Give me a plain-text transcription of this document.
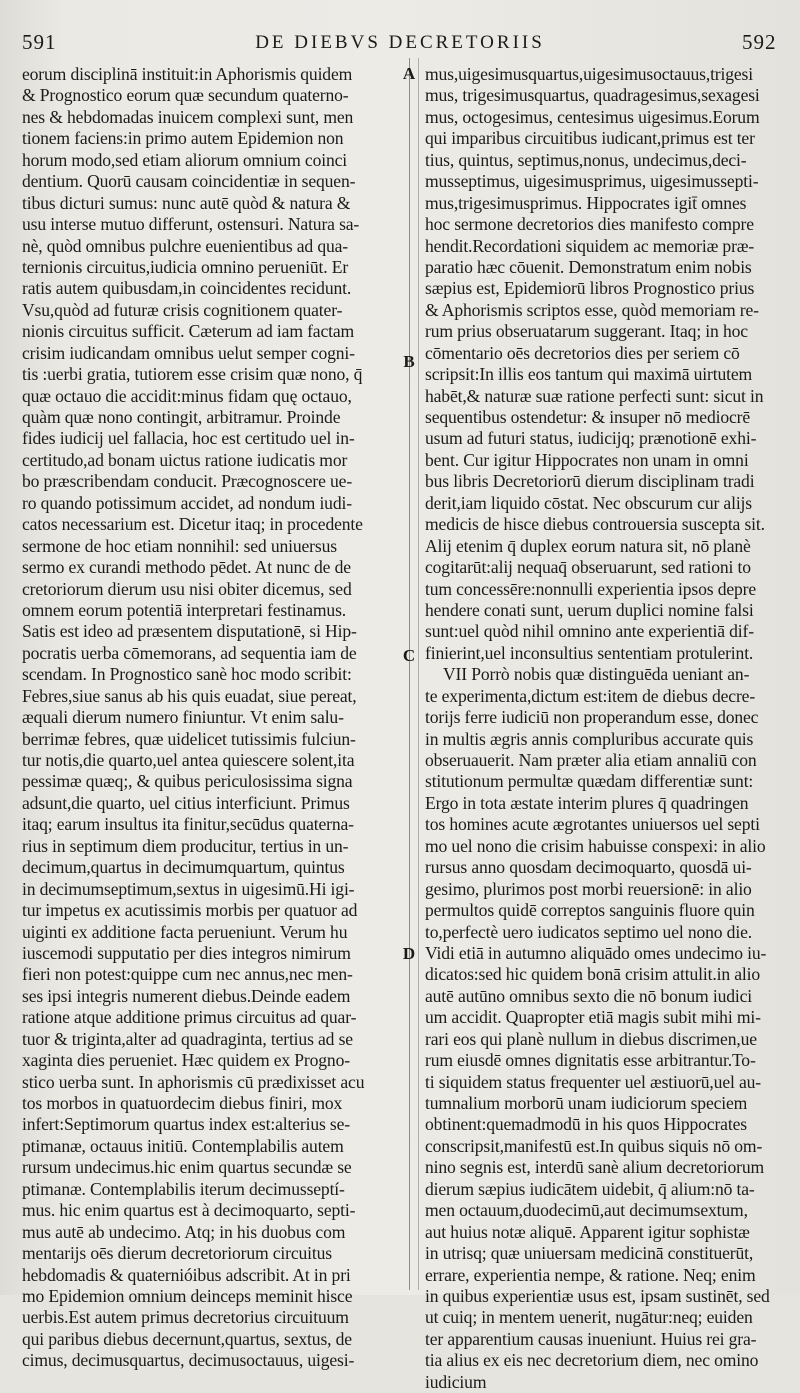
591	DE DIEBVS DECRETORIIS	592
A
B
C
D
eorum disciplinā instituit:in Aphorismis quidem
& Prognostico eorum quæ secundum quaterno-
nes & hebdomadas inuicem complexi sunt, men
tionem faciens:in primo autem Epidemion non
horum modo,sed etiam aliorum omnium coinci
dentium. Quorū causam coincidentiæ in sequen-
tibus dicturi sumus: nunc autē quòd & natura &
usu interse mutuo differunt, ostensuri. Natura sa-
nè, quòd omnibus pulchre euenientibus ad qua-
ternionis circuitus,iudicia omnino perueniūt. Er
ratis autem quibusdam,in coincidentes recidunt.
Vsu,quòd ad futuræ crisis cognitionem quater-
nionis circuitus sufficit. Cæterum ad iam factam
crisim iudicandam omnibus uelut semper cogni-
tis :uerbi gratia, tutiorem esse crisim quæ nono, q̄
quæ octauo die accidit:minus fidam quę octauo,
quàm quæ nono contingit, arbitramur. Proinde
fides iudicij uel fallacia, hoc est certitudo uel in-
certitudo,ad bonam uictus ratione iudicatis mor
bo præscribendam conducit. Præcognoscere ue-
ro quando potissimum accidet, ad nondum iudi-
catos necessarium est. Dicetur itaq; in procedente
sermone de hoc etiam nonnihil: sed uniuersus
sermo ex curandi methodo pēdet. At nunc de de
cretoriorum dierum usu nisi obiter dicemus, sed
omnem eorum potentiā interpretari festinamus.
Satis est ideo ad præsentem disputationē, si Hip-
pocratis uerba cōmemorans, ad sequentia iam de
scendam. In Prognostico sanè hoc modo scribit:
Febres,siue sanus ab his quis euadat, siue pereat,
æquali dierum numero finiuntur. Vt enim salu-
berrimæ febres, quæ uidelicet tutissimis fulciun-
tur notis,die quarto,uel antea quiescere solent,ita
pessimæ quæq;, & quibus periculosissima signa
adsunt,die quarto, uel citius interficiunt. Primus
itaq; earum insultus ita finitur,secūdus quaterna-
rius in septimum diem producitur, tertius in un-
decimum,quartus in decimumquartum, quintus
in decimumseptimum,sextus in uigesimū.Hi igi-
tur impetus ex acutissimis morbis per quatuor ad
uiginti ex additione facta perueniunt. Verum hu
iuscemodi supputatio per dies integros nimirum
fieri non potest:quippe cum nec annus,nec men-
ses ipsi integris numerent diebus.Deinde eadem
ratione atque additione primus circuitus ad quar-
tuor & triginta,alter ad quadraginta, tertius ad se
xaginta dies perueniet. Hæc quidem ex Progno-
stico uerba sunt. In aphorismis cū prædixisset acu
tos morbos in quatuordecim diebus finiri, mox
infert:Septimorum quartus index est:alterius se-
ptimanæ, octauus initiū. Contemplabilis autem
rursum undecimus.hic enim quartus secundæ se
ptimanæ. Contemplabilis iterum decimusseptí-
mus. hic enim quartus est à decimoquarto, septi-
mus autē ab undecimo. Atq; in his duobus com
mentarijs oēs dierum decretoriorum circuitus
hebdomadis & quaternióibus adscribit. At in pri
mo Epidemion omnium deinceps meminit hisce
uerbis.Est autem primus decretorius circuituum
qui paribus diebus decernunt,quartus, sextus, de
cimus, decimusquartus, decimusoctauus, uigesi-
mus,uigesimusquartus,uigesimusoctauus,trigesi
mus, trigesimusquartus, quadragesimus,sexagesi
mus, octogesimus, centesimus uigesimus.Eorum
qui imparibus circuitibus iudicant,primus est ter
tius, quintus, septimus,nonus, undecimus,deci-
musseptimus, uigesimusprimus, uigesimussepti-
mus,trigesimusprimus. Hippocrates igit̄ omnes
hoc sermone decretorios dies manifesto compre
hendit.Recordationi siquidem ac memoriæ præ-
paratio hæc cōuenit. Demonstratum enim nobis
sæpius est, Epidemiorū libros Prognostico prius
& Aphorismis scriptos esse, quòd memoriam re-
rum prius obseruatarum suggerant. Itaq; in hoc
cōmentario oēs decretorios dies per seriem cō
scripsit:In illis eos tantum qui maximā uirtutem
habēt,& naturæ suæ ratione perfecti sunt: sicut in
sequentibus ostendetur: & insuper nō mediocrē
usum ad futuri status, iudicijq; prænotionē exhi-
bent. Cur igitur Hippocrates non unam in omni
bus libris Decretoriorū dierum disciplinam tradi
derit,iam liquido cōstat. Nec obscurum cur alijs
medicis de hisce diebus controuersia suscepta sit.
Alij etenim q̄ duplex eorum natura sit, nō planè
cogitarūt:alij nequaq̄ obseruarunt, sed rationi to
tum concessēre:nonnulli experientia ipsos depre
hendere conati sunt, uerum duplici nomine falsi
sunt:uel quòd nihil omnino ante experientiā dif-
finierint,uel inconsultius sententiam protulerint.
VII Porrò nobis quæ distinguēda ueniant an-
te experimenta,dictum est:item de diebus decre-
torijs ferre iudiciū non properandum esse, donec
in multis ægris annis compluribus accurate quis
obseruauerit. Nam præter alia etiam annaliū con
stitutionum permultæ quædam differentiæ sunt:
Ergo in tota æstate interim plures q̄ quadringen
tos homines acute ægrotantes uniuersos uel septi
mo uel nono die crisim habuisse conspexi: in alio
rursus anno quosdam decimoquarto, quosdā ui-
gesimo, plurimos post morbi reuersionē: in alio
permultos quidē correptos sanguinis fluore quin
to,perfectè uero iudicatos septimo uel nono die.
Vidi etiā in autumno aliquādo omes undecimo iu-
dicatos:sed hic quidem bonā crisim attulit.in alio
autē autūno omnibus sexto die nō bonum iudici
um accidit. Quapropter etiā magis subit mihi mi-
rari eos qui planè nullum in diebus discrimen,ue
rum eiusdē omnes dignitatis esse arbitrantur.To-
ti siquidem status frequenter uel æstiuorū,uel au-
tumnalium morborū unam iudiciorum speciem
obtinent:quemadmodū in his quos Hippocrates
conscripsit,manifestū est.In quibus siquis nō om-
nino segnis est, interdū sanè alium decretoriorum
dierum sæpius iudicātem uidebit, q̄ alium:nō ta-
men octauum,duodecimū,aut decimumsextum,
aut huius notæ aliquē. Apparent igitur sophistæ
in utrisq; quæ uniuersam medicinā constituerūt,
errare, experientia nempe, & ratione. Neq; enim
in quibus experientiæ usus est, ipsam sustinēt, sed
ut cuiq; in mentem uenerit, nugātur:neq; euiden
ter apparentium causas inueniunt. Huius rei gra-
tia alius ex eis nec decretorium diem, nec omino
iudicium
